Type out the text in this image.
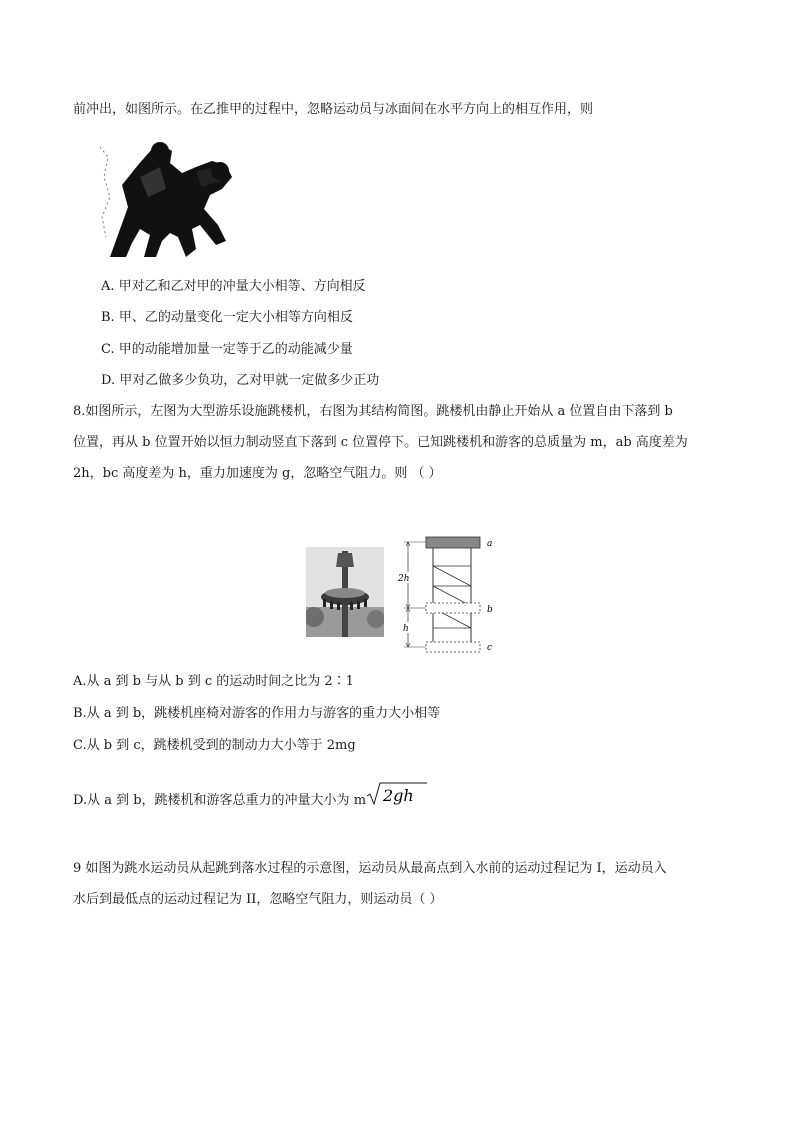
前冲出，如图所示。在乙推甲的过程中，忽略运动员与冰面间在水平方向上的相互作用，则
A. 甲对乙和乙对甲的冲量大小相等、方向相反
B. 甲、乙的动量变化一定大小相等方向相反
C. 甲的动能增加量一定等于乙的动能减少量
D. 甲对乙做多少负功，乙对甲就一定做多少正功
8.如图所示，左图为大型游乐设施跳楼机，右图为其结构简图。跳楼机由静止开始从 a 位置自由下落到 b
位置，再从 b 位置开始以恒力制动竖直下落到 c 位置停下。已知跳楼机和游客的总质量为 m，ab 高度差为
2h，bc 高度差为 h，重力加速度为 g，忽略空气阻力。则 （ ）
2h
h
a
b
c
A.从 a 到 b 与从 b 到 c 的运动时间之比为 2∶1
B.从 a 到 b，跳楼机座椅对游客的作用力与游客的重力大小相等
C.从 b 到 c，跳楼机受到的制动力大小等于 2mg
D.从 a 到 b，跳楼机和游客总重力的冲量大小为 m 2gh
9 如图为跳水运动员从起跳到落水过程的示意图，运动员从最高点到入水前的运动过程记为 I，运动员入
水后到最低点的运动过程记为 II，忽略空气阻力，则运动员（ ）
